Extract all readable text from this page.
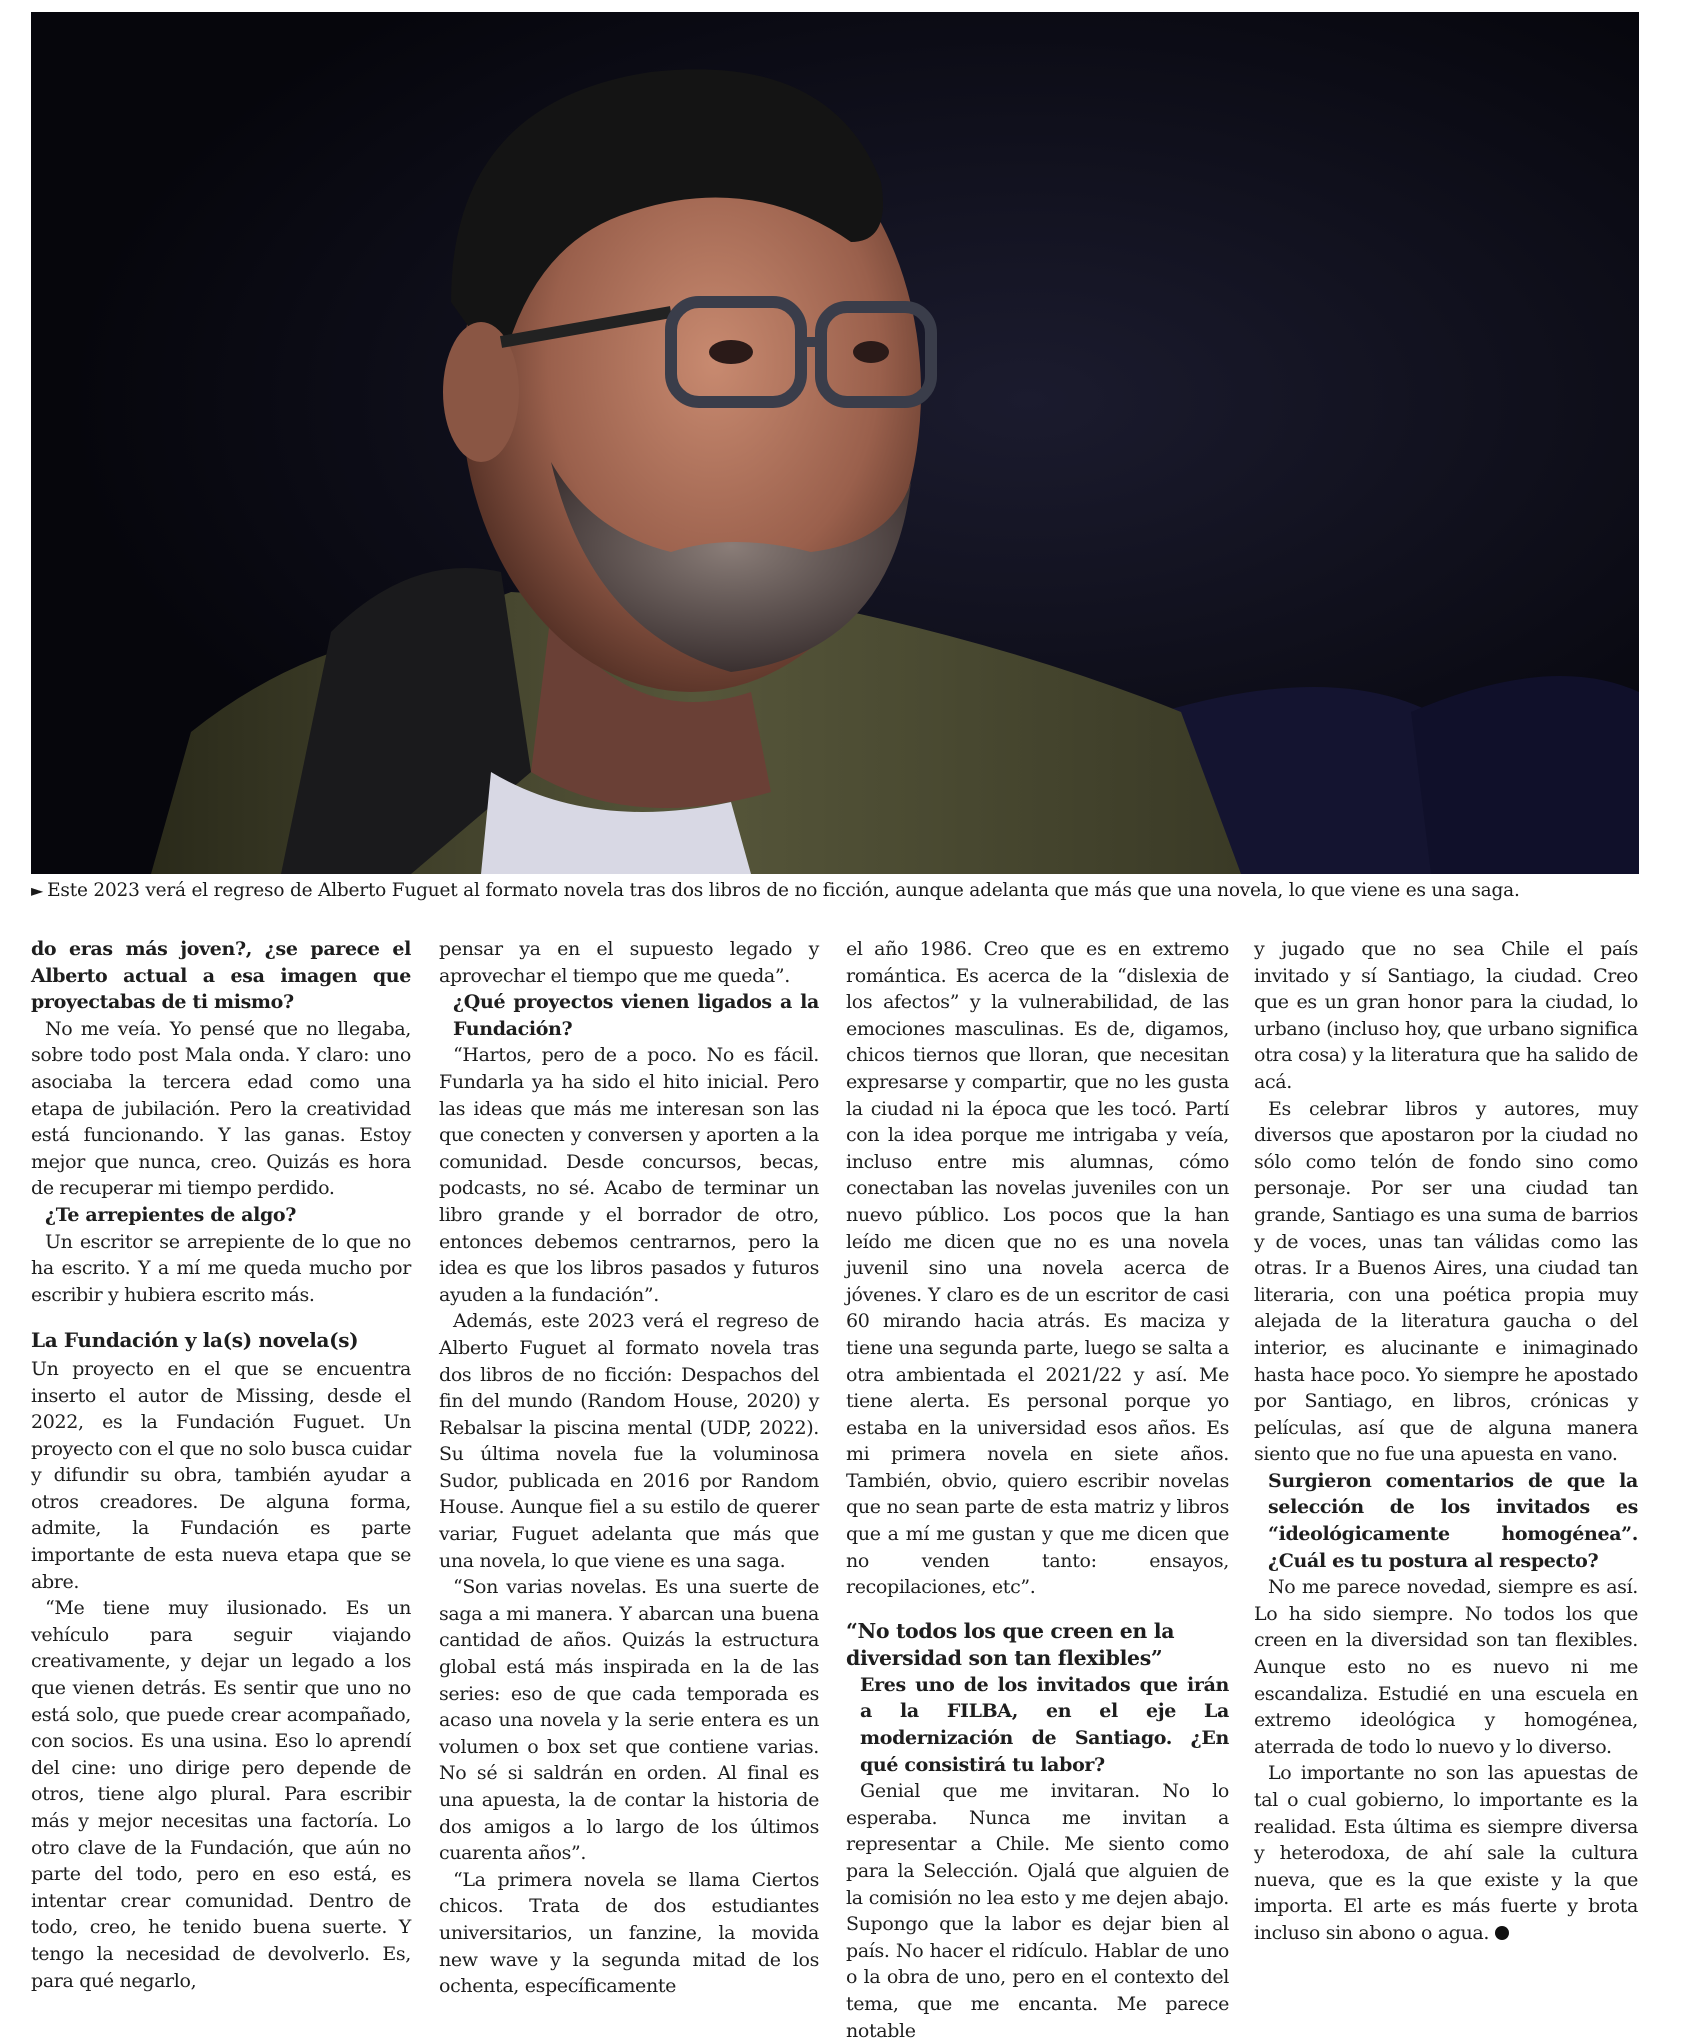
► Este 2023 verá el regreso de Alberto Fuguet al formato novela tras dos libros de no ficción, aunque adelanta que más que una novela, lo que viene es una saga.

do eras más joven?, ¿se parece el Alberto actual a esa imagen que proyectabas de ti mismo?

No me veía. Yo pensé que no llegaba, sobre todo post Mala onda. Y claro: uno asociaba la tercera edad como una etapa de jubilación. Pero la creatividad está funcionando. Y las ganas. Estoy mejor que nunca, creo. Quizás es hora de recuperar mi tiempo perdido.

¿Te arrepientes de algo?

Un escritor se arrepiente de lo que no ha escrito. Y a mí me queda mucho por escribir y hubiera escrito más.

La Fundación y la(s) novela(s)

Un proyecto en el que se encuentra inserto el autor de Missing, desde el 2022, es la Fundación Fuguet. Un proyecto con el que no solo busca cuidar y difundir su obra, también ayudar a otros creadores. De alguna forma, admite, la Fundación es parte importante de esta nueva etapa que se abre.

“Me tiene muy ilusionado. Es un vehículo para seguir viajando creativamente, y dejar un legado a los que vienen detrás. Es sentir que uno no está solo, que puede crear acompañado, con socios. Es una usina. Eso lo aprendí del cine: uno dirige pero depende de otros, tiene algo plural. Para escribir más y mejor necesitas una factoría. Lo otro clave de la Fundación, que aún no parte del todo, pero en eso está, es intentar crear comunidad. Dentro de todo, creo, he tenido buena suerte. Y tengo la necesidad de devolverlo. Es, para qué negarlo,

pensar ya en el supuesto legado y aprovechar el tiempo que me queda”.

¿Qué proyectos vienen ligados a la Fundación?

“Hartos, pero de a poco. No es fácil. Fundarla ya ha sido el hito inicial. Pero las ideas que más me interesan son las que conecten y conversen y aporten a la comunidad. Desde concursos, becas, podcasts, no sé. Acabo de terminar un libro grande y el borrador de otro, entonces debemos centrarnos, pero la idea es que los libros pasados y futuros ayuden a la fundación”.

Además, este 2023 verá el regreso de Alberto Fuguet al formato novela tras dos libros de no ficción: Despachos del fin del mundo (Random House, 2020) y Rebalsar la piscina mental (UDP, 2022). Su última novela fue la voluminosa Sudor, publicada en 2016 por Random House. Aunque fiel a su estilo de querer variar, Fuguet adelanta que más que una novela, lo que viene es una saga.

“Son varias novelas. Es una suerte de saga a mi manera. Y abarcan una buena cantidad de años. Quizás la estructura global está más inspirada en la de las series: eso de que cada temporada es acaso una novela y la serie entera es un volumen o box set que contiene varias. No sé si saldrán en orden. Al final es una apuesta, la de contar la historia de dos amigos a lo largo de los últimos cuarenta años”.

“La primera novela se llama Ciertos chicos. Trata de dos estudiantes universitarios, un fanzine, la movida new wave y la segunda mitad de los ochenta, específicamente

el año 1986. Creo que es en extremo romántica. Es acerca de la “dislexia de los afectos” y la vulnerabilidad, de las emociones masculinas. Es de, digamos, chicos tiernos que lloran, que necesitan expresarse y compartir, que no les gusta la ciudad ni la época que les tocó. Partí con la idea porque me intrigaba y veía, incluso entre mis alumnas, cómo conectaban las novelas juveniles con un nuevo público. Los pocos que la han leído me dicen que no es una novela juvenil sino una novela acerca de jóvenes. Y claro es de un escritor de casi 60 mirando hacia atrás. Es maciza y tiene una segunda parte, luego se salta a otra ambientada el 2021/22 y así. Me tiene alerta. Es personal porque yo estaba en la universidad esos años. Es mi primera novela en siete años. También, obvio, quiero escribir novelas que no sean parte de esta matriz y libros que a mí me gustan y que me dicen que no venden tanto: ensayos, recopilaciones, etc”.

“No todos los que creen en la diversidad son tan flexibles”

Eres uno de los invitados que irán a la FILBA, en el eje La modernización de Santiago. ¿En qué consistirá tu labor?

Genial que me invitaran. No lo esperaba. Nunca me invitan a representar a Chile. Me siento como para la Selección. Ojalá que alguien de la comisión no lea esto y me dejen abajo. Supongo que la labor es dejar bien al país. No hacer el ridículo. Hablar de uno o la obra de uno, pero en el contexto del tema, que me encanta. Me parece notable

y jugado que no sea Chile el país invitado y sí Santiago, la ciudad. Creo que es un gran honor para la ciudad, lo urbano (incluso hoy, que urbano significa otra cosa) y la literatura que ha salido de acá.

Es celebrar libros y autores, muy diversos que apostaron por la ciudad no sólo como telón de fondo sino como personaje. Por ser una ciudad tan grande, Santiago es una suma de barrios y de voces, unas tan válidas como las otras. Ir a Buenos Aires, una ciudad tan literaria, con una poética propia muy alejada de la literatura gaucha o del interior, es alucinante e inimaginado hasta hace poco. Yo siempre he apostado por Santiago, en libros, crónicas y películas, así que de alguna manera siento que no fue una apuesta en vano.

Surgieron comentarios de que la selección de los invitados es “ideológicamente homogénea”. ¿Cuál es tu postura al respecto?

No me parece novedad, siempre es así. Lo ha sido siempre. No todos los que creen en la diversidad son tan flexibles. Aunque esto no es nuevo ni me escandaliza. Estudié en una escuela en extremo ideológica y homogénea, aterrada de todo lo nuevo y lo diverso.

Lo importante no son las apuestas de tal o cual gobierno, lo importante es la realidad. Esta última es siempre diversa y heterodoxa, de ahí sale la cultura nueva, que es la que existe y la que importa. El arte es más fuerte y brota incluso sin abono o agua.
